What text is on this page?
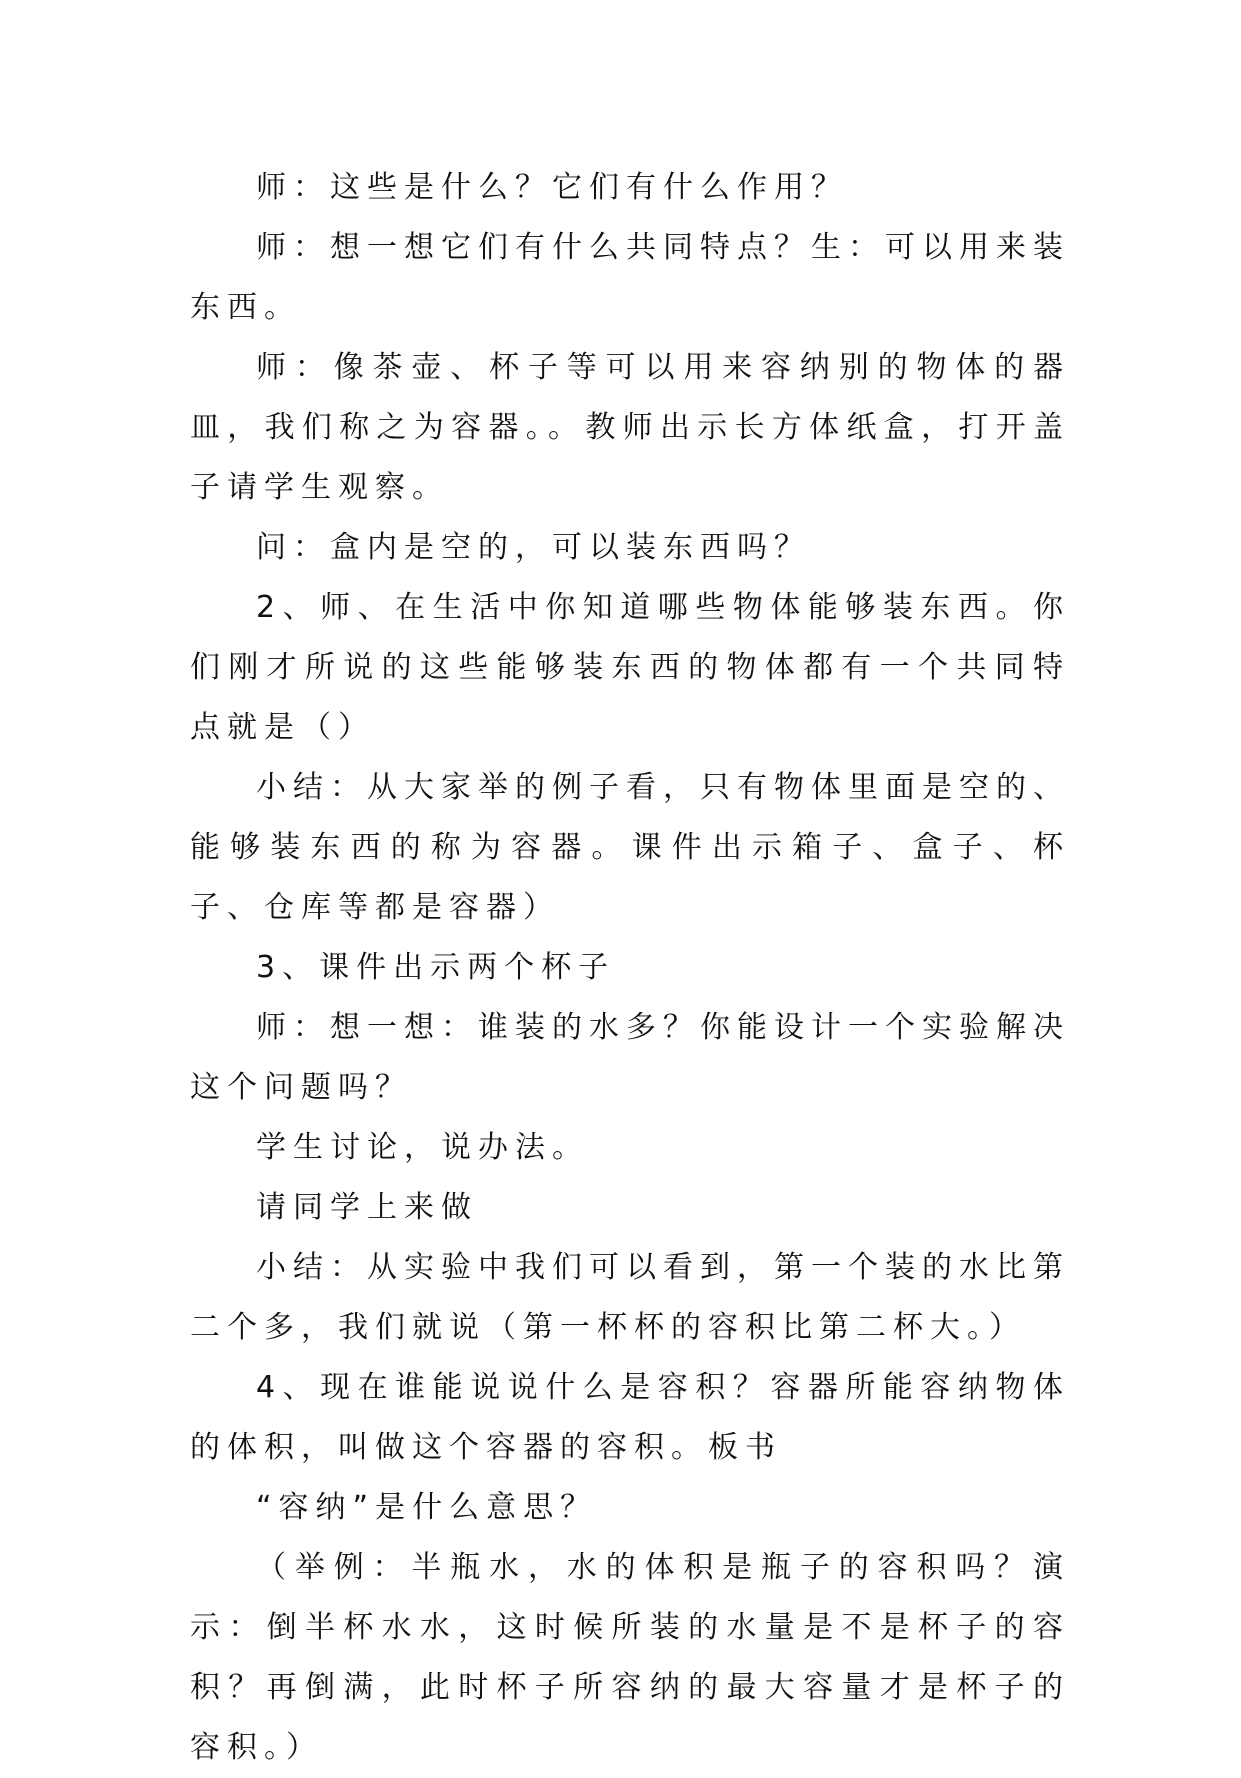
师：这些是什么？它们有什么作用？

师：想一想它们有什么共同特点？生：可以用来装东西。

师：像茶壶、杯子等可以用来容纳别的物体的器皿，我们称之为容器。。教师出示长方体纸盒，打开盖子请学生观察。

问：盒内是空的，可以装东西吗？

2、师、在生活中你知道哪些物体能够装东西。你们刚才所说的这些能够装东西的物体都有一个共同特点就是（）

小结：从大家举的例子看，只有物体里面是空的、能够装东西的称为容器。课件出示箱子、盒子、杯子、仓库等都是容器）

3、课件出示两个杯子

师：想一想：谁装的水多？你能设计一个实验解决这个问题吗？

学生讨论，说办法。

请同学上来做

小结：从实验中我们可以看到，第一个装的水比第二个多，我们就说（第一杯杯的容积比第二杯大。）

4、现在谁能说说什么是容积？容器所能容纳物体的体积，叫做这个容器的容积。板书

“容纳”是什么意思？

（举例：半瓶水，水的体积是瓶子的容积吗？演示：倒半杯水水，这时候所装的水量是不是杯子的容积？再倒满，此时杯子所容纳的最大容量才是杯子的容积。）
